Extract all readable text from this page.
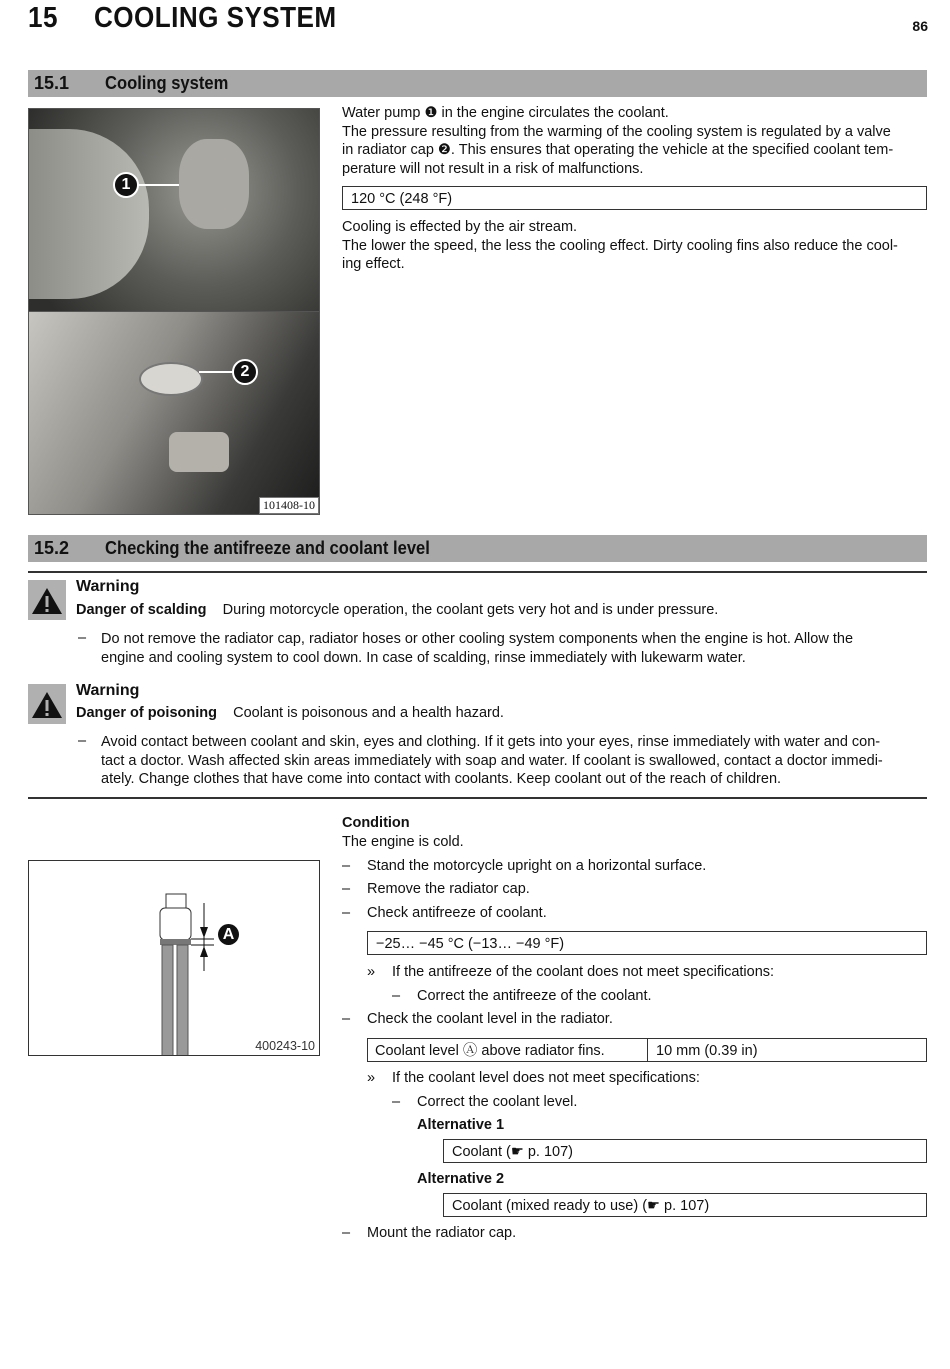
15 COOLING SYSTEM	86
15.1 Cooling system
1
2
101408-10
Water pump ❶ in the engine circulates the coolant.
The pressure resulting from the warming of the cooling system is regulated by a valve
in radiator cap ❷. This ensures that operating the vehicle at the specified coolant tem-
perature will not result in a risk of malfunctions.
120 °C (248 °F)
Cooling is effected by the air stream.
The lower the speed, the less the cooling effect. Dirty cooling fins also reduce the cool-
ing effect.
15.2 Checking the antifreeze and coolant level
Warning
Danger of scalding During motorcycle operation, the coolant gets very hot and is under pressure.
– Do not remove the radiator cap, radiator hoses or other cooling system components when the engine is hot. Allow the
engine and cooling system to cool down. In case of scalding, rinse immediately with lukewarm water.
Warning
Danger of poisoning Coolant is poisonous and a health hazard.
– Avoid contact between coolant and skin, eyes and clothing. If it gets into your eyes, rinse immediately with water and con-
tact a doctor. Wash affected skin areas immediately with soap and water. If coolant is swallowed, contact a doctor immedi-
ately. Change clothes that have come into contact with coolants. Keep coolant out of the reach of children.
A
400243-10
Condition
The engine is cold.
– Stand the motorcycle upright on a horizontal surface.
– Remove the radiator cap.
– Check antifreeze of coolant.
−25… −45 °C (−13… −49 °F)
» If the antifreeze of the coolant does not meet specifications:
– Correct the antifreeze of the coolant.
– Check the coolant level in the radiator.
Coolant level Ⓐ above radiator fins.	10 mm (0.39 in)
» If the coolant level does not meet specifications:
– Correct the coolant level.
Alternative 1
Coolant (☛ p. 107)
Alternative 2
Coolant (mixed ready to use) (☛ p. 107)
– Mount the radiator cap.
